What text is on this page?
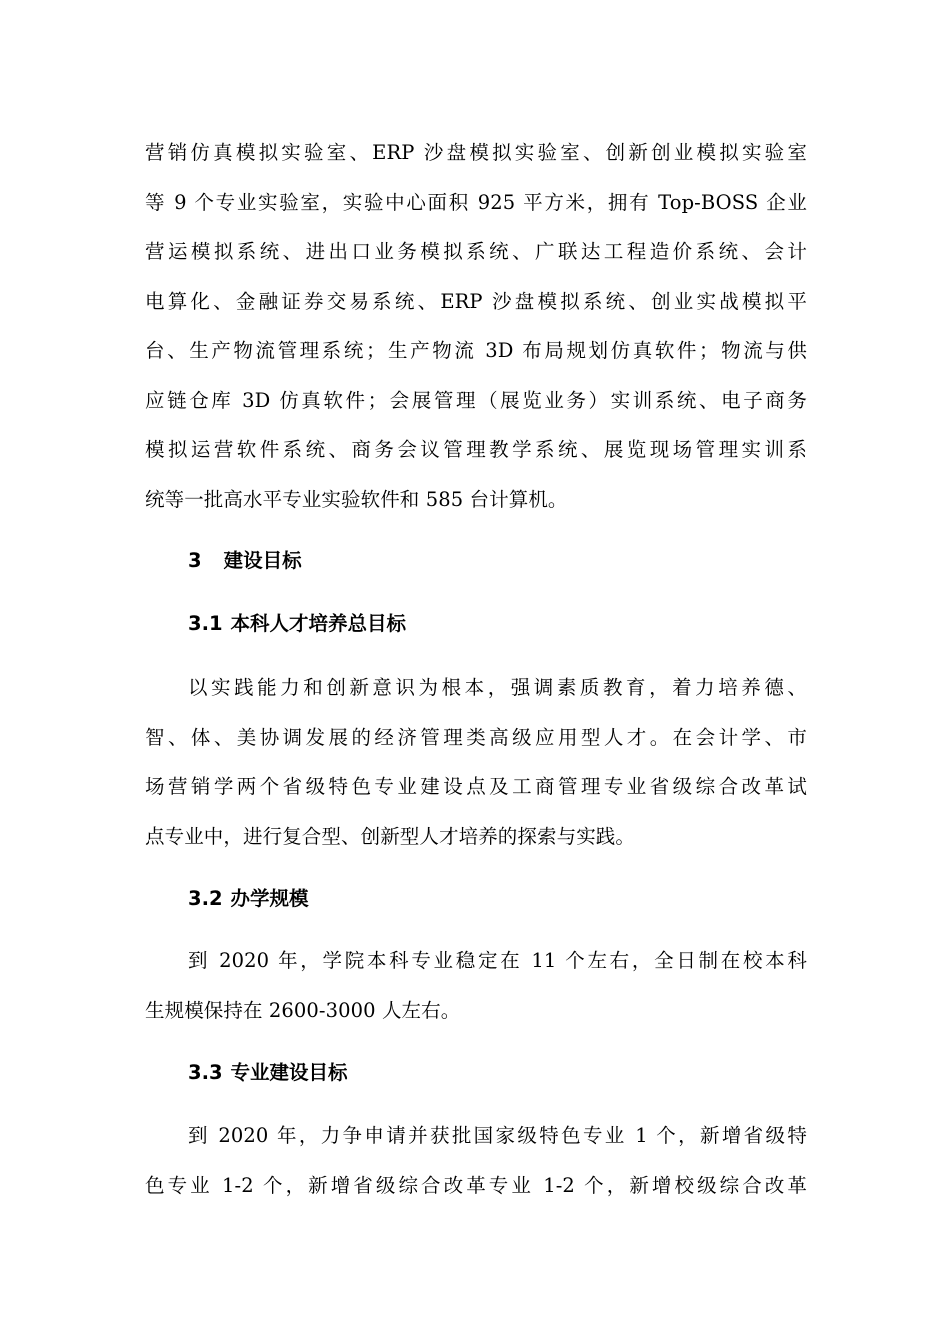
营销仿真模拟实验室、ERP 沙盘模拟实验室、创新创业模拟实验室
等 9 个专业实验室，实验中心面积 925 平方米，拥有 Top-BOSS 企业
营运模拟系统、进出口业务模拟系统、广联达工程造价系统、会计
电算化、金融证券交易系统、ERP 沙盘模拟系统、创业实战模拟平
台、生产物流管理系统；生产物流 3D 布局规划仿真软件；物流与供
应链仓库 3D 仿真软件；会展管理（展览业务）实训系统、电子商务
模拟运营软件系统、商务会议管理教学系统、展览现场管理实训系
统等一批高水平专业实验软件和 585 台计算机。
3 建设目标
3.1 本科人才培养总目标
以实践能力和创新意识为根本，强调素质教育，着力培养德、
智、体、美协调发展的经济管理类高级应用型人才。在会计学、市
场营销学两个省级特色专业建设点及工商管理专业省级综合改革试
点专业中，进行复合型、创新型人才培养的探索与实践。
3.2 办学规模
到 2020 年，学院本科专业稳定在 11 个左右，全日制在校本科
生规模保持在 2600-3000 人左右。
3.3 专业建设目标
到 2020 年，力争申请并获批国家级特色专业 1 个，新增省级特
色专业 1-2 个，新增省级综合改革专业 1-2 个，新增校级综合改革
